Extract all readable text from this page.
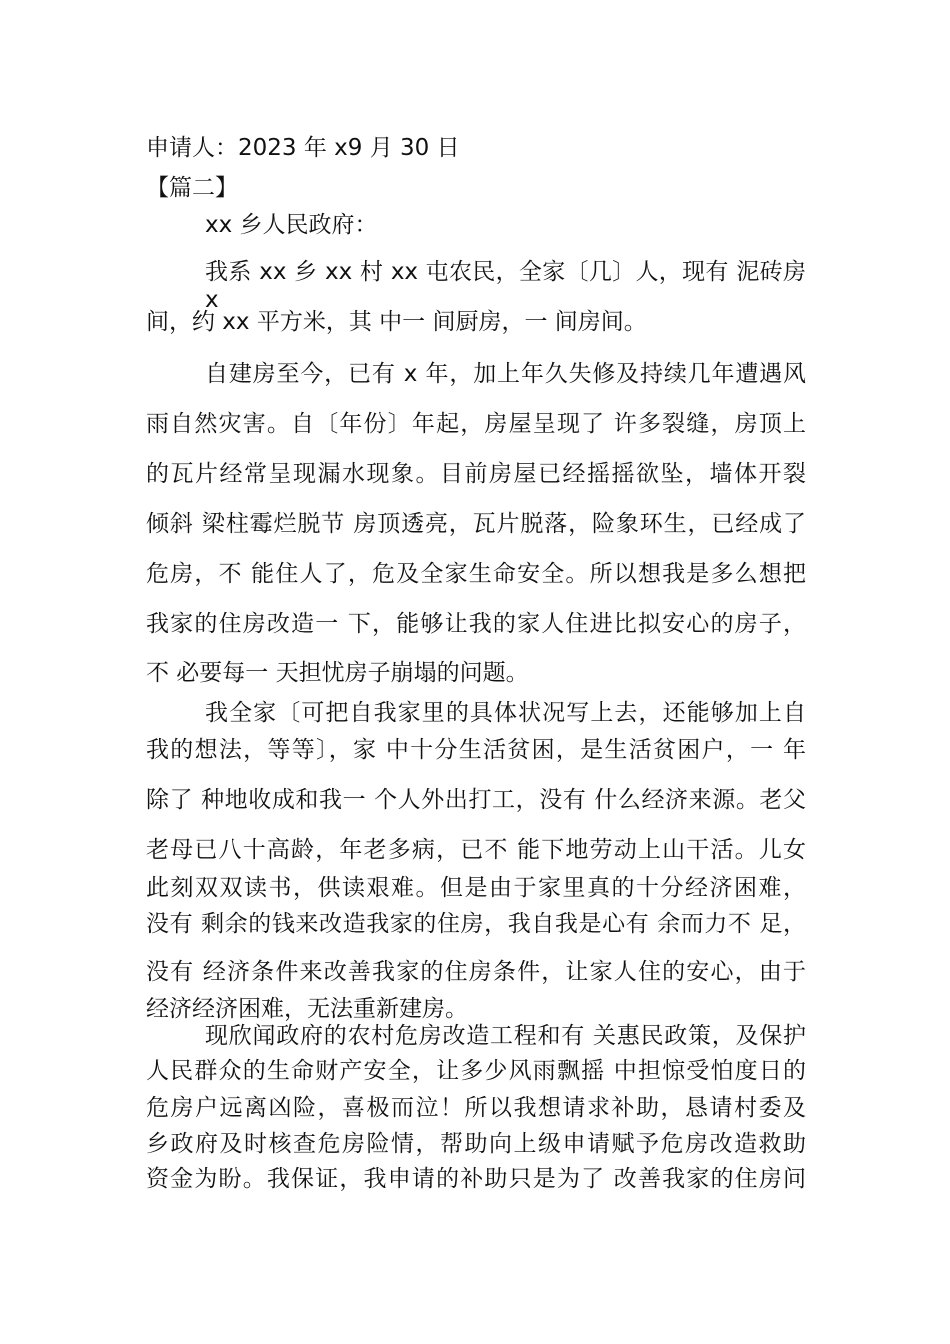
申请人：2023 年 x9 月 30 日

【篇二】

xx 乡人民政府：

我系 xx 乡 xx 村 xx 屯农民，全家〔几〕人，现有 泥砖房 x

间，约 xx 平方米，其 中一 间厨房，一 间房间。

自建房至今，已有 x 年，加上年久失修及持续几年遭遇风

雨自然灾害。自〔年份〕年起，房屋呈现了 许多裂缝，房顶上

的瓦片经常呈现漏水现象。目前房屋已经摇摇欲坠，墙体开裂

倾斜 梁柱霉烂脱节 房顶透亮，瓦片脱落，险象环生，已经成了

危房，不 能住人了，危及全家生命安全。所以想我是多么想把

我家的住房改造一 下，能够让我的家人住进比拟安心的房子，

不 必要每一 天担忧房子崩塌的问题。

我全家〔可把自我家里的具体状况写上去，还能够加上自

我的想法，等等〕，家 中十分生活贫困，是生活贫困户，一 年

除了 种地收成和我一 个人外出打工，没有 什么经济来源。老父

老母已八十高龄，年老多病，已不 能下地劳动上山干活。儿女

此刻双双读书，供读艰难。但是由于家里真的十分经济困难，

没有 剩余的钱来改造我家的住房，我自我是心有 余而力不 足，

没有 经济条件来改善我家的住房条件，让家人住的安心，由于

经济经济困难，无法重新建房。

现欣闻政府的农村危房改造工程和有 关惠民政策，及保护

人民群众的生命财产安全，让多少风雨飘摇 中担惊受怕度日的

危房户远离凶险，喜极而泣！所以我想请求补助，恳请村委及

乡政府及时核查危房险情，帮助向上级申请赋予危房改造救助

资金为盼。我保证，我申请的补助只是为了 改善我家的住房问
